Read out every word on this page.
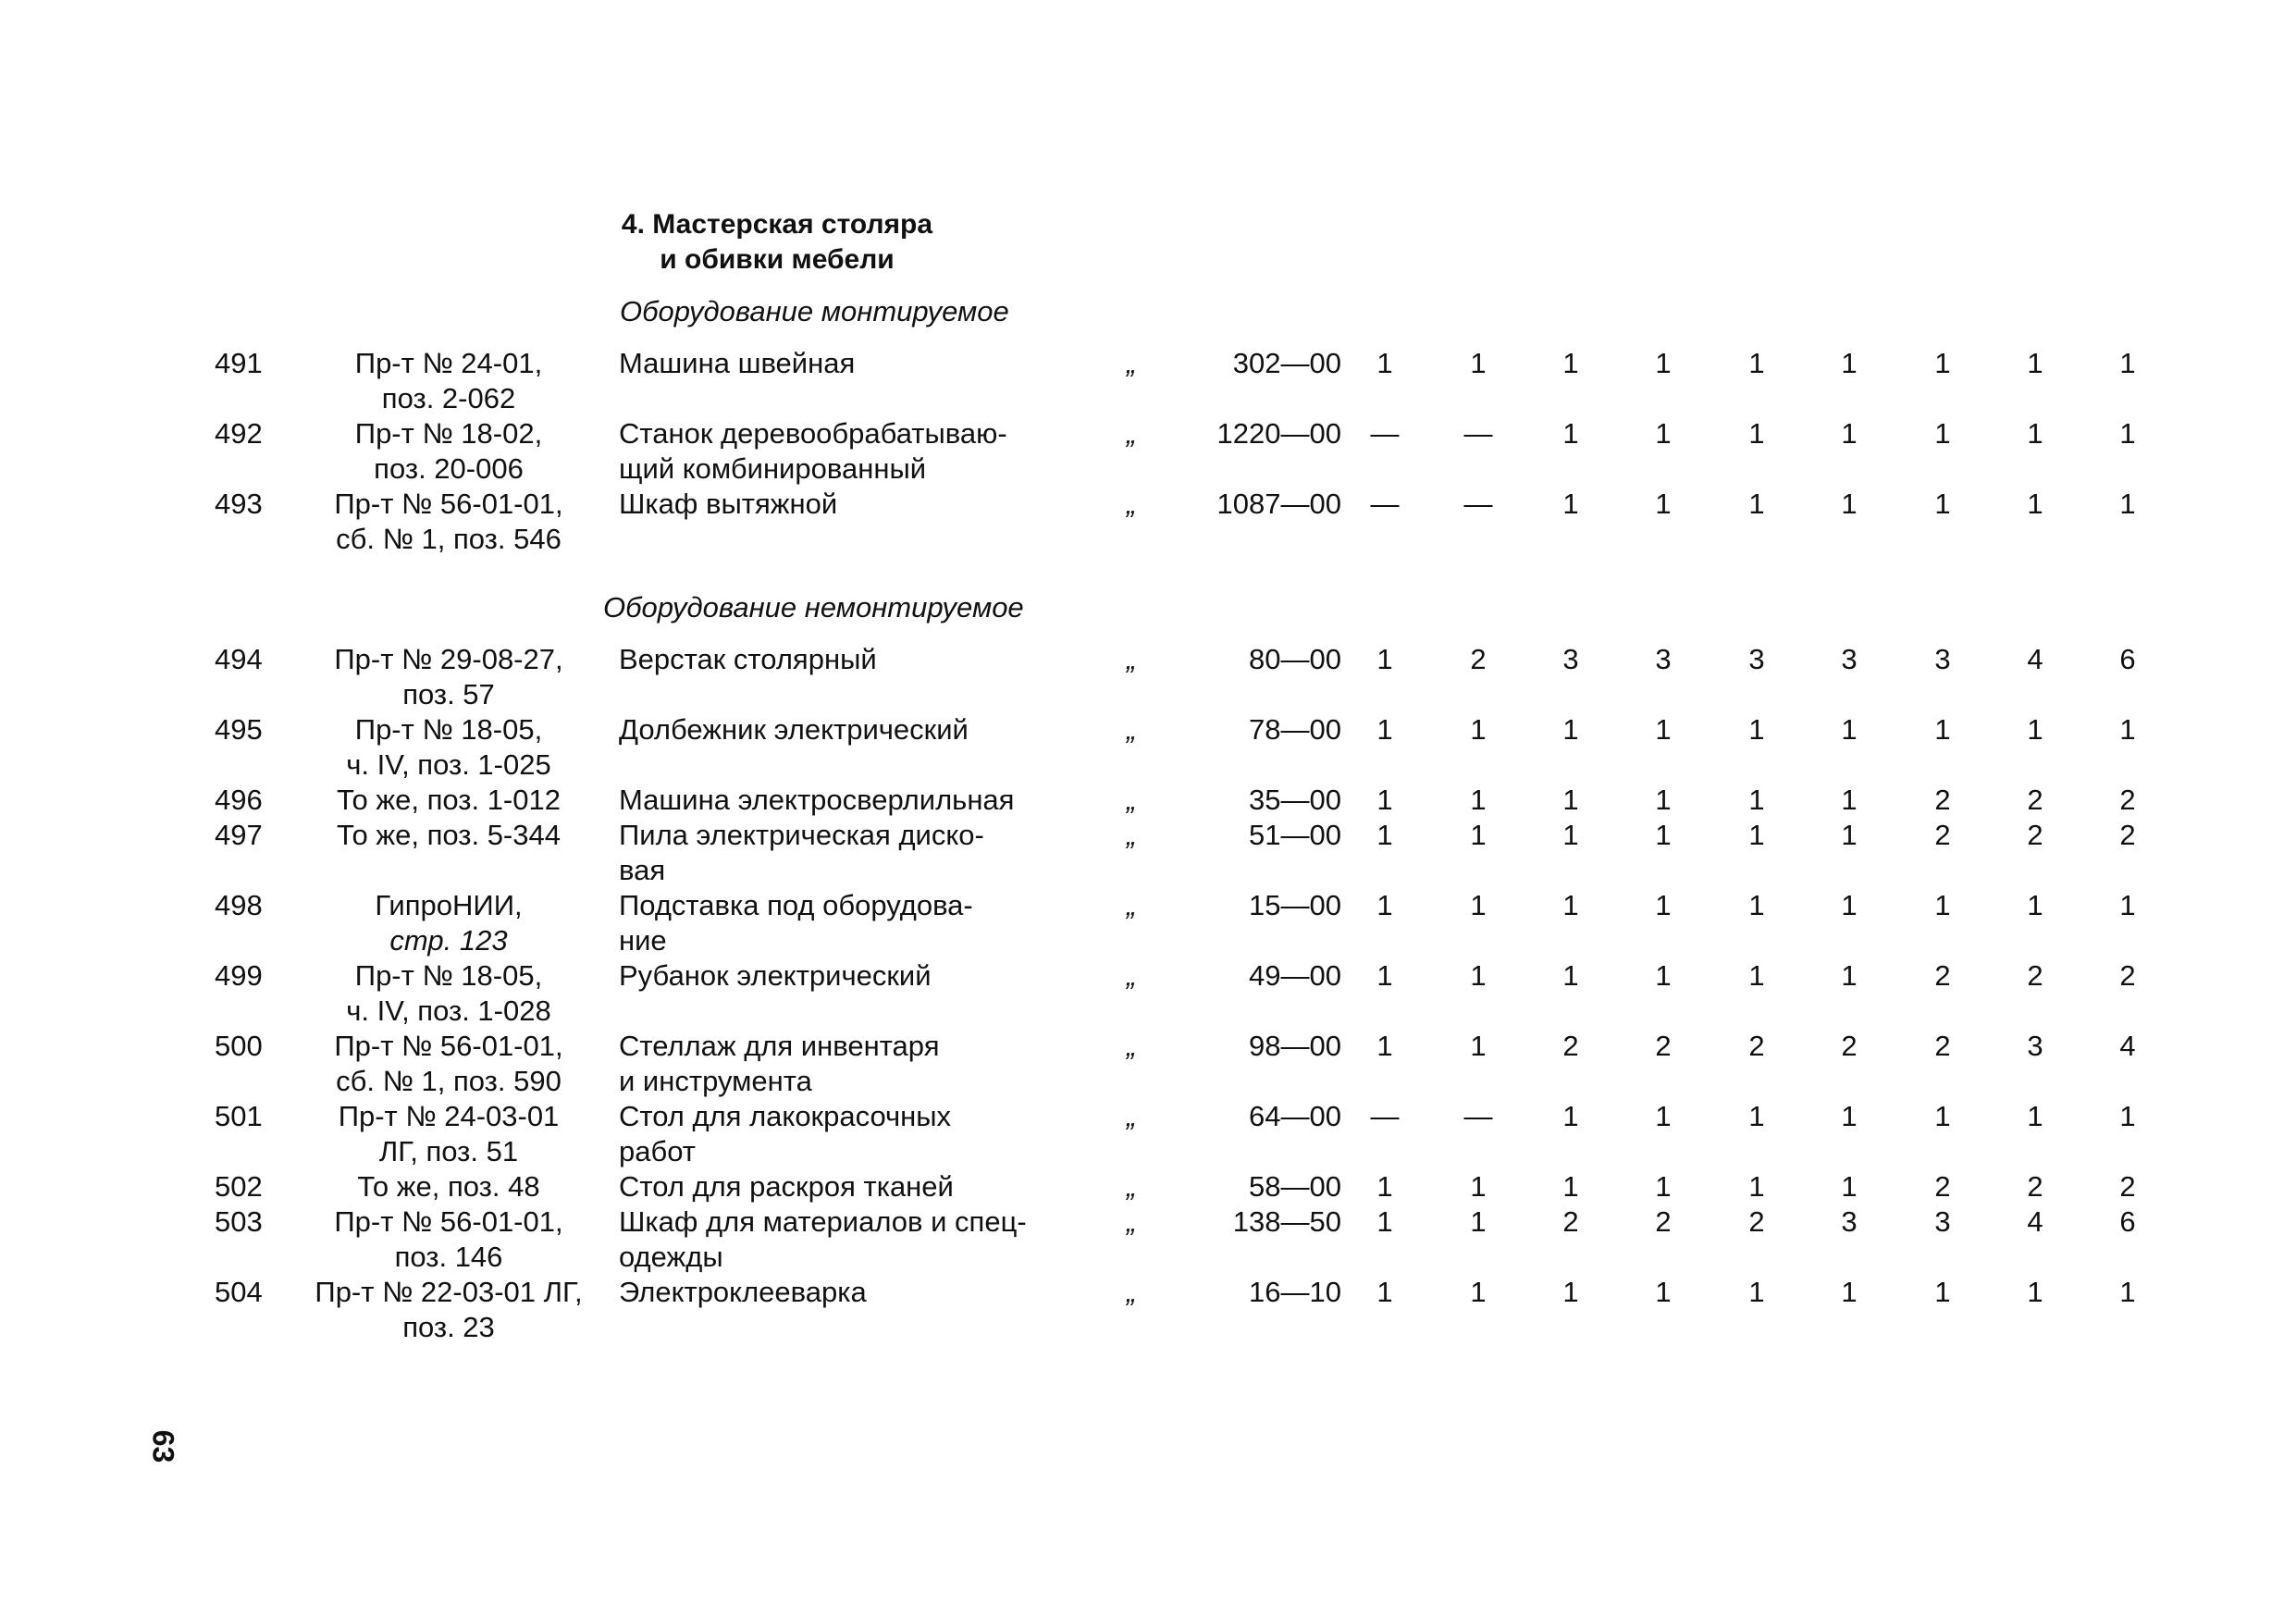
4. Мастерская столяра
и обивки мебели
Оборудование монтируемое
Оборудование немонтируемое
491	Пр-т № 24-01,
поз. 2-062
Машина швейная	„	302—00	1	1	1	1	1	1	1	1	1
492	Пр-т № 18-02,
поз. 20-006
Станок деревообрабатываю-
щий комбинированный
„	1220—00	—	—	1	1	1	1	1	1	1
493	Пр-т № 56-01-01,
сб. № 1, поз. 546
Шкаф вытяжной	„	1087—00	—	—	1	1	1	1	1	1	1
494	Пр-т № 29-08-27,
поз. 57
Верстак столярный	„	80—00	1	2	3	3	3	3	3	4	6
495	Пр-т № 18-05,
ч. IV, поз. 1-025
Долбежник электрический	„	78—00	1	1	1	1	1	1	1	1	1
496	То же, поз. 1-012	Машина электросверлильная	„	35—00	1	1	1	1	1	1	2	2	2
497	То же, поз. 5-344	Пила электрическая диско-
вая
„	51—00	1	1	1	1	1	1	2	2	2
498	ГипроНИИ,
стр. 123
Подставка под оборудова-
ние
„	15—00	1	1	1	1	1	1	1	1	1
499	Пр-т № 18-05,
ч. IV, поз. 1-028
Рубанок электрический	„	49—00	1	1	1	1	1	1	2	2	2
500	Пр-т № 56-01-01,
сб. № 1, поз. 590
Стеллаж для инвентаря
и инструмента
„	98—00	1	1	2	2	2	2	2	3	4
501	Пр-т № 24-03-01
ЛГ, поз. 51
Стол для лакокрасочных
работ
„	64—00	—	—	1	1	1	1	1	1	1
502	То же, поз. 48	Стол для раскроя тканей	„	58—00	1	1	1	1	1	1	2	2	2
503	Пр-т № 56-01-01,
поз. 146
Шкаф для материалов и спец-
одежды
„	138—50	1	1	2	2	2	3	3	4	6
504	Пр-т № 22-03-01 ЛГ,
поз. 23
Электроклееварка	„	16—10	1	1	1	1	1	1	1	1	1
63
